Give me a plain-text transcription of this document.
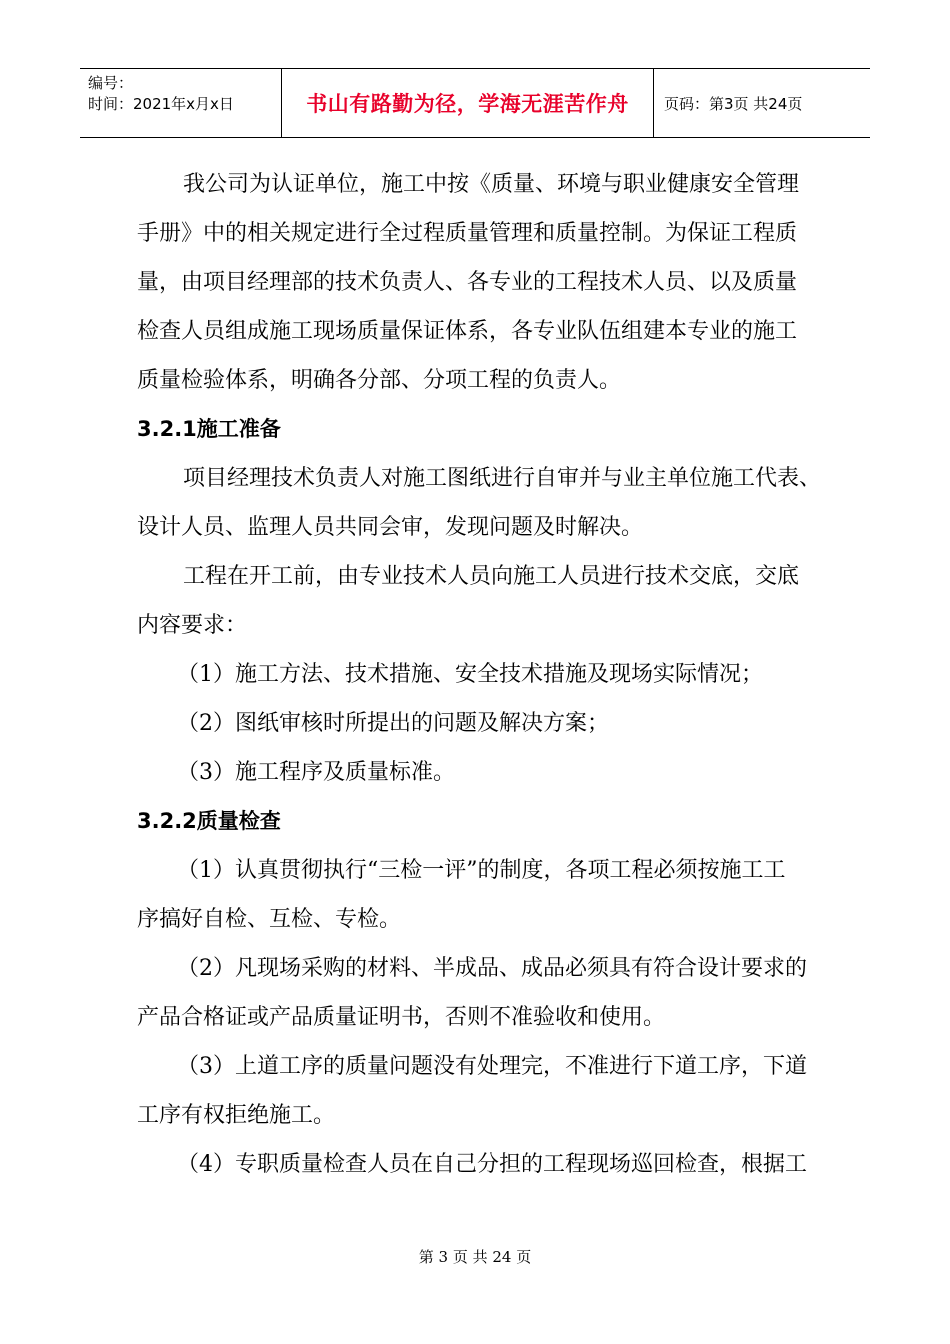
编号：
时间：2021年x月x日	书山有路勤为径，学海无涯苦作舟	页码：第3页 共24页

我公司为认证单位，施工中按《质量、环境与职业健康安全管理
手册》中的相关规定进行全过程质量管理和质量控制。为保证工程质
量，由项目经理部的技术负责人、各专业的工程技术人员、以及质量
检查人员组成施工现场质量保证体系，各专业队伍组建本专业的施工
质量检验体系，明确各分部、分项工程的负责人。

3.2.1施工准备

项目经理技术负责人对施工图纸进行自审并与业主单位施工代表、
设计人员、监理人员共同会审，发现问题及时解决。

工程在开工前，由专业技术人员向施工人员进行技术交底，交底
内容要求：

（1）施工方法、技术措施、安全技术措施及现场实际情况；

（2）图纸审核时所提出的问题及解决方案；

（3）施工程序及质量标准。

3.2.2质量检查

（1）认真贯彻执行“三检一评”的制度，各项工程必须按施工工
序搞好自检、互检、专检。

（2）凡现场采购的材料、半成品、成品必须具有符合设计要求的
产品合格证或产品质量证明书，否则不准验收和使用。

（3）上道工序的质量问题没有处理完，不准进行下道工序，下道
工序有权拒绝施工。

（4）专职质量检查人员在自己分担的工程现场巡回检查，根据工

第 3 页 共 24 页
